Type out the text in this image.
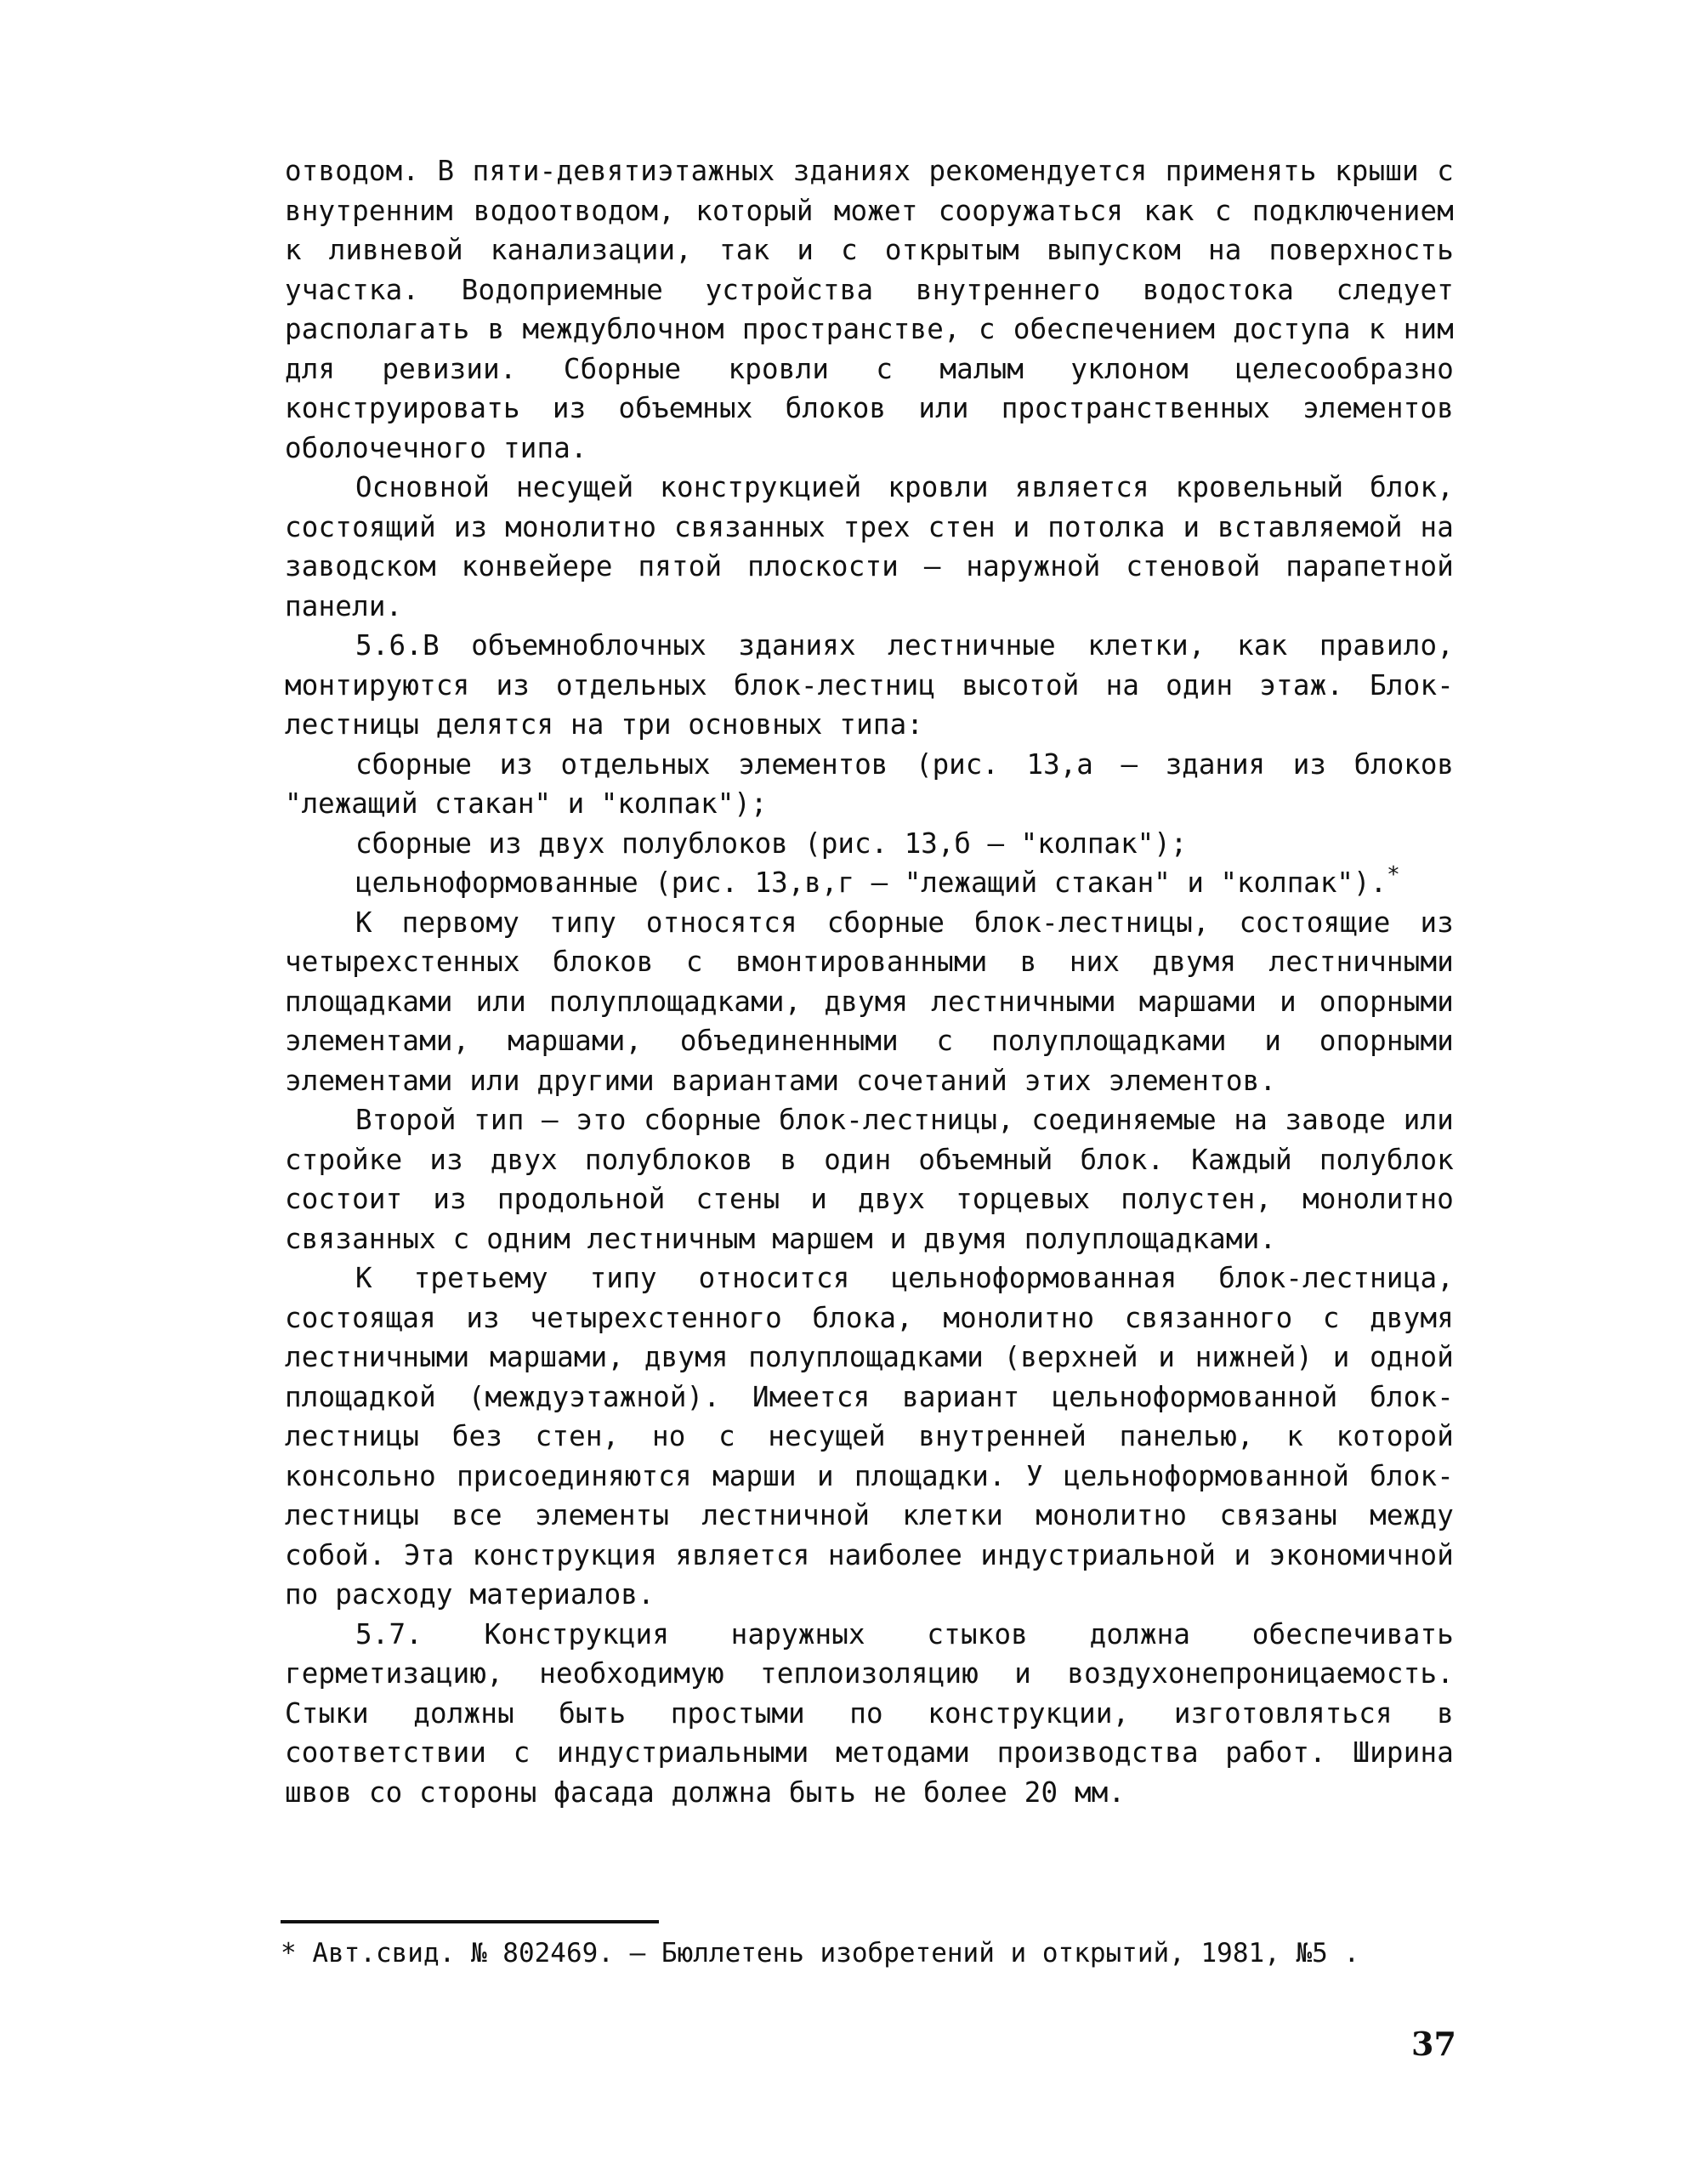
отводом. В пяти-девятиэтажных зданиях рекомендуется применять крыши с внутренним водоотводом, который может сооружаться как с подключением к ливневой канализации, так и с открытым выпуском на поверхность участка. Водоприемные устройства внутреннего водостока следует располагать в междублочном пространстве, с обеспечением доступа к ним для ревизии. Сборные кровли с малым уклоном целесообразно конструировать из объемных блоков или пространственных элементов оболочечного типа.

Основной несущей конструкцией кровли является кровельный блок, состоящий из монолитно связанных трех стен и потолка и вставляемой на заводском конвейере пятой плоскости – наружной стеновой парапетной панели.

5.6.В объемноблочных зданиях лестничные клетки, как правило, монтируются из отдельных блок-лестниц высотой на один этаж. Блок-лестницы делятся на три основных типа:

сборные из отдельных элементов (рис. 13,а – здания из блоков "лежащий стакан" и "колпак");

сборные из двух полублоков (рис. 13,б – "колпак");

цельноформованные (рис. 13,в,г – "лежащий стакан" и "колпак").*

К первому типу относятся сборные блок-лестницы, состоящие из четырехстенных блоков с вмонтированными в них двумя лестничными площадками или полуплощадками, двумя лестничными маршами и опорными элементами, маршами, объединенными с полуплощадками и опорными элементами или другими вариантами сочетаний этих элементов.

Второй тип – это сборные блок-лестницы, соединяемые на заводе или стройке из двух полублоков в один объемный блок. Каждый полублок состоит из продольной стены и двух торцевых полустен, монолитно связанных с одним лестничным маршем и двумя полуплощадками.

К третьему типу относится цельноформованная блок-лестница, состоящая из четырехстенного блока, монолитно связанного с двумя лестничными маршами, двумя полуплощадками (верхней и нижней) и одной площадкой (междуэтажной). Имеется вариант цельноформованной блок-лестницы без стен, но с несущей внутренней панелью, к которой консольно присоединяются марши и площадки. У цельноформованной блок-лестницы все элементы лестничной клетки монолитно связаны между собой. Эта конструкция является наиболее индустриальной и экономичной по расходу материалов.

5.7. Конструкция наружных стыков должна обеспечивать герметизацию, необходимую теплоизоляцию и воздухонепроницаемость. Стыки должны быть простыми по конструкции, изготовляться в соответствии с индустриальными методами производства работ. Ширина швов со стороны фасада должна быть не более 20 мм.

* Авт.свид. № 802469. – Бюллетень изобретений и открытий, 1981, №5 .

37
